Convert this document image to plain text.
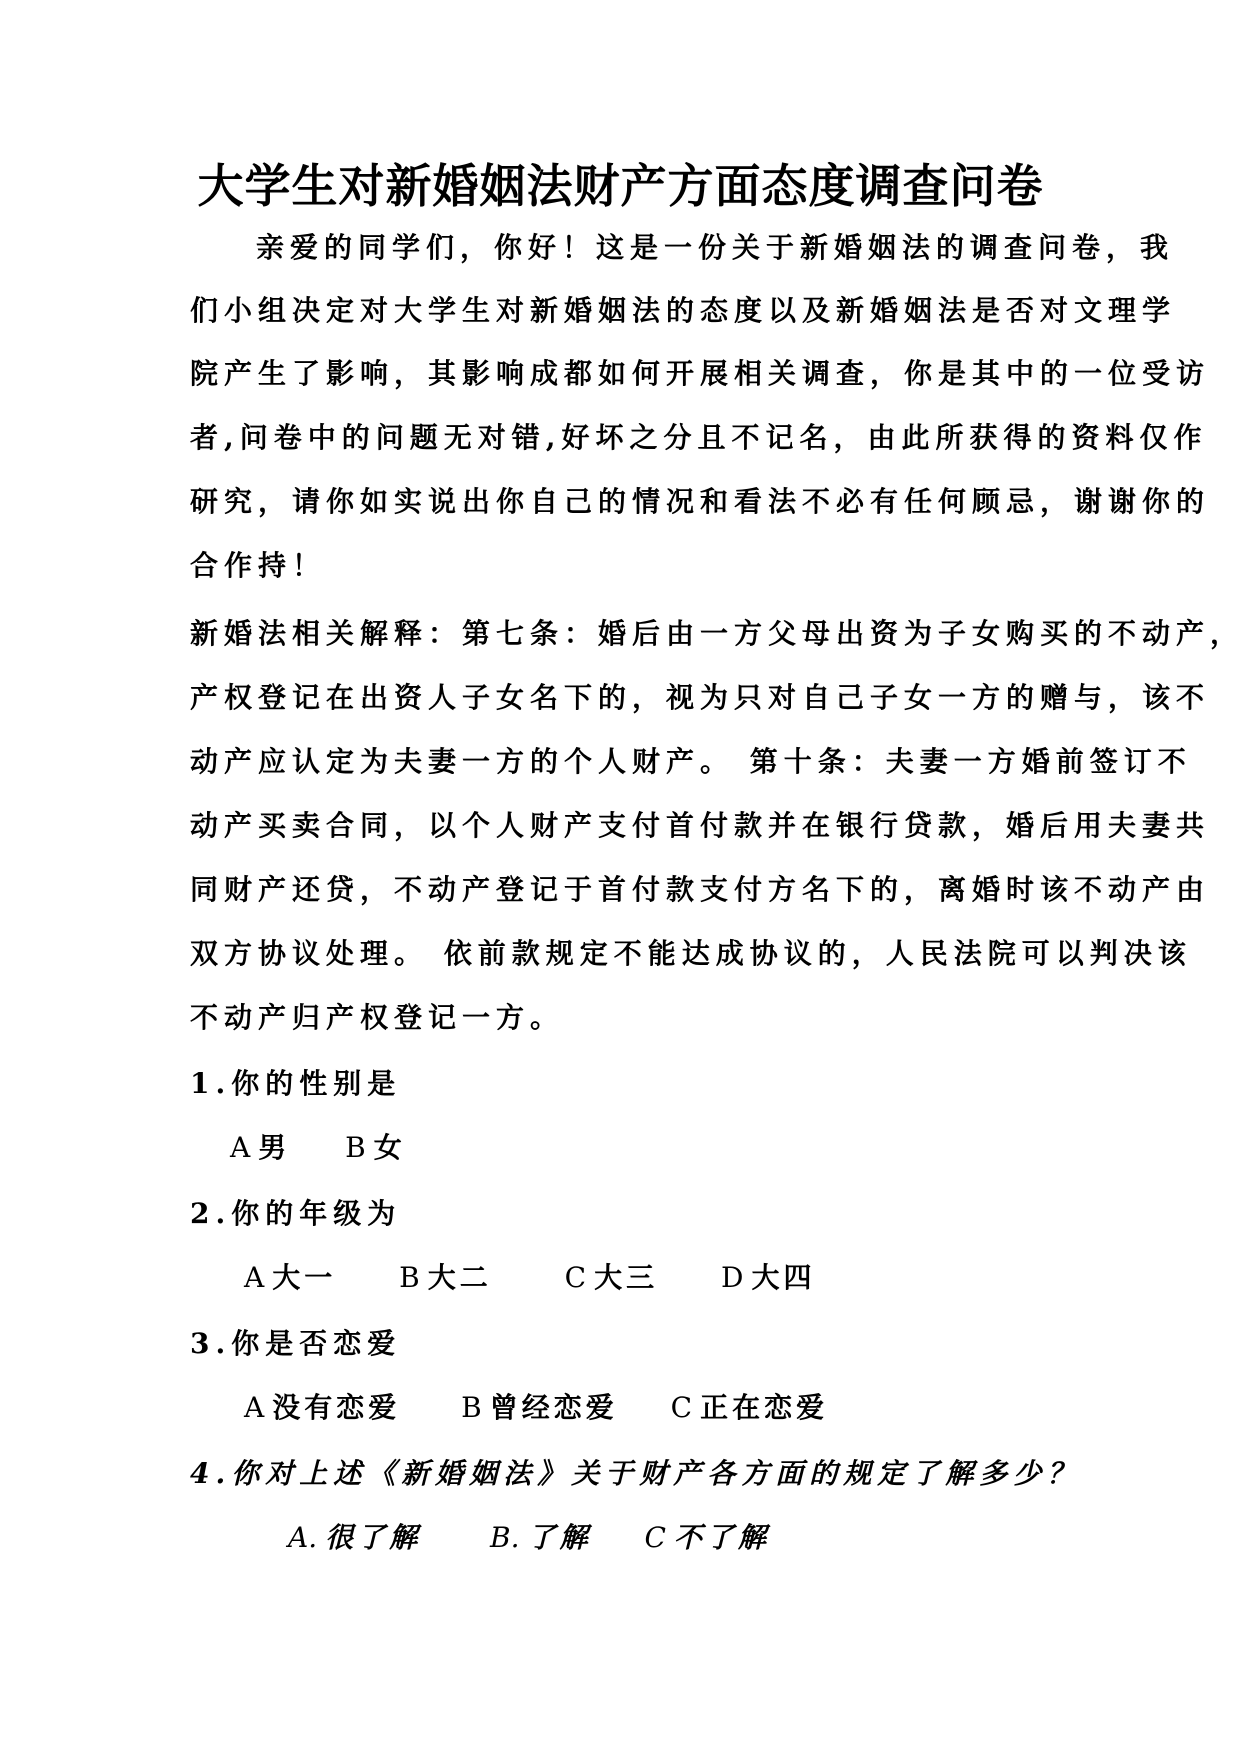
大学生对新婚姻法财产方面态度调查问卷

亲爱的同学们，你好！这是一份关于新婚姻法的调查问卷，我

们小组决定对大学生对新婚姻法的态度以及新婚姻法是否对文理学

院产生了影响，其影响成都如何开展相关调查，你是其中的一位受访

者,问卷中的问题无对错,好坏之分且不记名，由此所获得的资料仅作

研究，请你如实说出你自己的情况和看法不必有任何顾忌，谢谢你的

合作持！

新婚法相关解释：第七条：婚后由一方父母出资为子女购买的不动产，

产权登记在出资人子女名下的，视为只对自己子女一方的赠与，该不

动产应认定为夫妻一方的个人财产。 第十条：夫妻一方婚前签订不

动产买卖合同，以个人财产支付首付款并在银行贷款，婚后用夫妻共

同财产还贷，不动产登记于首付款支付方名下的，离婚时该不动产由

双方协议处理。 依前款规定不能达成协议的，人民法院可以判决该

不动产归产权登记一方。

1.你的性别是

A 男 B 女

2.你的年级为

A 大一 B 大二	C 大三 D 大四

3.你是否恋爱

A 没有恋爱 B 曾经恋爱 C 正在恋爱

4.你对上述《新婚姻法》关于财产各方面的规定了解多少？

A. 很了解 B. 了解 C 不了解
